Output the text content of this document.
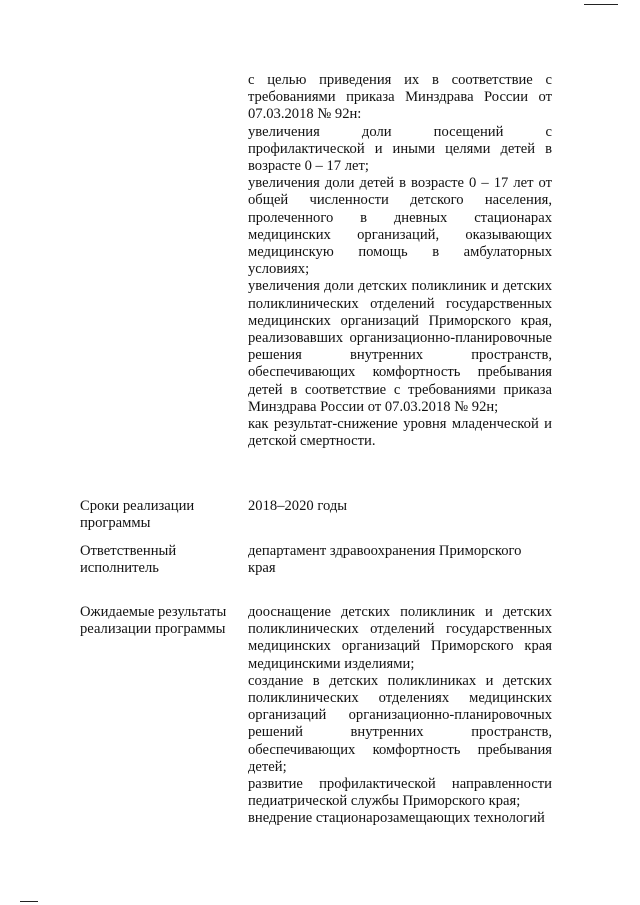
с целью приведения их в соответствие с требованиями приказа Минздрава России от 07.03.2018 № 92н:

увеличения доли посещений с профилактической и иными целями детей в возрасте 0 – 17 лет;

увеличения доли детей в возрасте 0 – 17 лет от общей численности детского населения, пролеченного в дневных стационарах медицинских организаций, оказывающих медицинскую помощь в амбулаторных условиях;

увеличения доли детских поликлиник и детских поликлинических отделений государственных медицинских организаций Приморского края, реализовавших организационно-планировочные решения внутренних пространств, обеспечивающих комфортность пребывания детей в соответствие с требованиями приказа Минздрава России от 07.03.2018 № 92н;

как результат-снижение уровня младенческой и детской смертности.

Сроки реализации программы
2018–2020 годы
Ответственный исполнитель
департамент здравоохранения Приморского края
Ожидаемые результаты реализации программы

дооснащение детских поликлиник и детских поликлинических отделений государственных медицинских организаций Приморского края медицинскими изделиями;

создание в детских поликлиниках и детских поликлинических отделениях медицинских организаций организационно-планировочных решений внутренних пространств, обеспечивающих комфортность пребывания детей;

развитие профилактической направленности педиатрической службы Приморского края;

внедрение стационарозамещающих технологий
